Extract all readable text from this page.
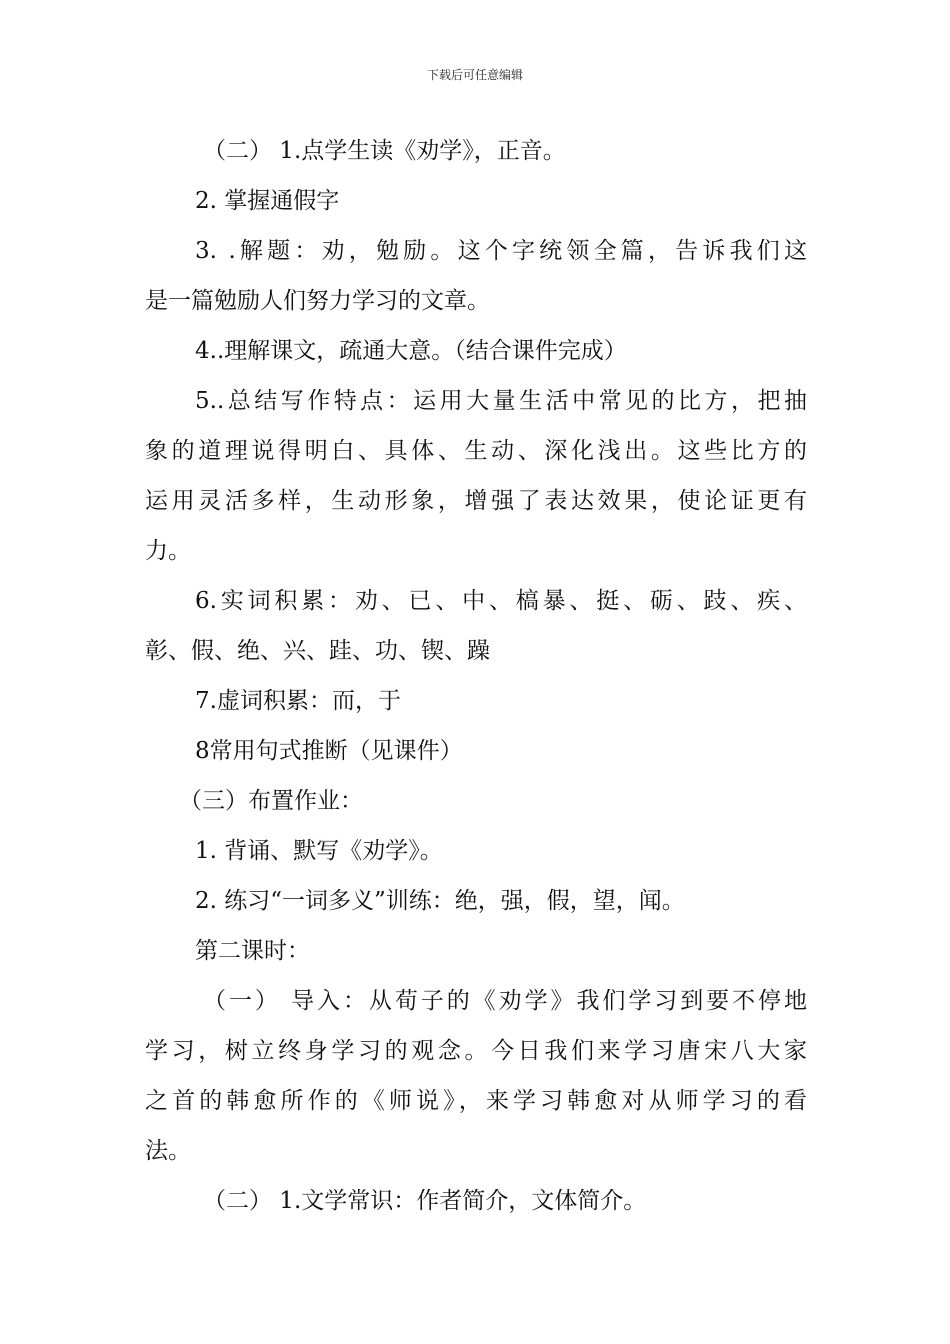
下载后可任意编辑
（二） 1.点学生读《劝学》，正音。
2. 掌握通假字
3. .解题：劝，勉励。这个字统领全篇，告诉我们这
是一篇勉励人们努力学习的文章。
4..理解课文，疏通大意。（结合课件完成）
5..总结写作特点：运用大量生活中常见的比方，把抽
象的道理说得明白、具体、生动、深化浅出。这些比方的
运用灵活多样，生动形象，增强了表达效果，使论证更有
力。
6.实词积累：劝、已、中、槁暴、挺、砺、跂、疾、
彰、假、绝、兴、跬、功、锲、躁
7.虚词积累：而，于
8常用句式推断（见课件）
（三）布置作业：
1. 背诵、默写《劝学》。
2. 练习“一词多义”训练：绝，强，假，望，闻。
第二课时：
（一） 导入：从荀子的《劝学》我们学习到要不停地
学习，树立终身学习的观念。今日我们来学习唐宋八大家
之首的韩愈所作的《师说》，来学习韩愈对从师学习的看
法。
（二） 1.文学常识：作者简介，文体简介。
